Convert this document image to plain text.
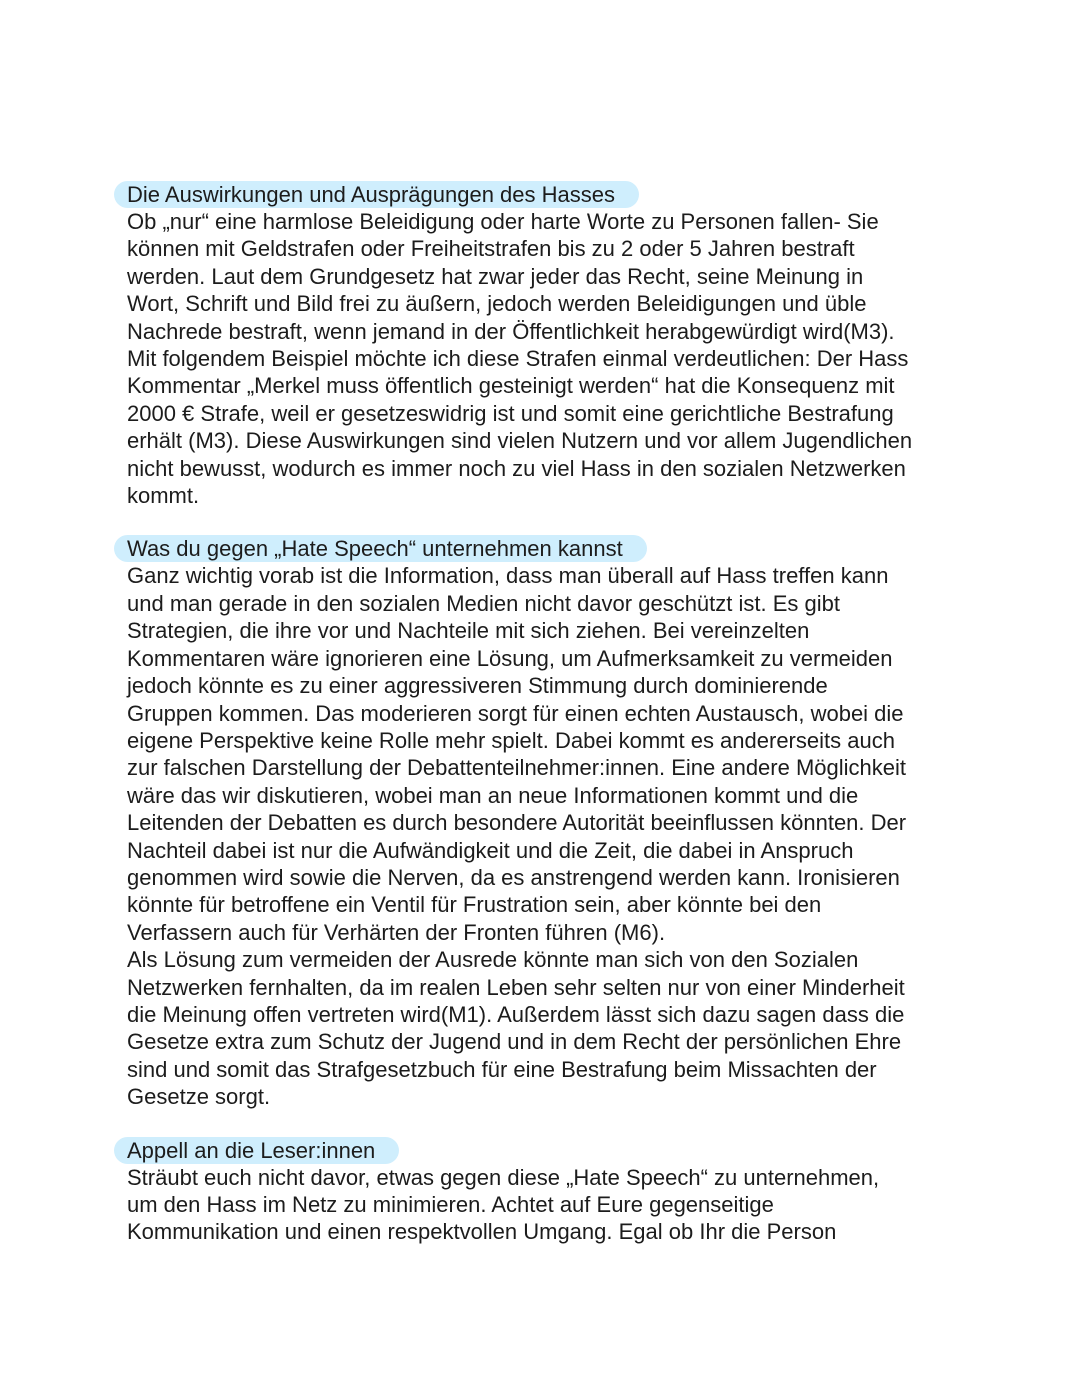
Die Auswirkungen und Ausprägungen des Hasses

Ob „nur“ eine harmlose Beleidigung oder harte Worte zu Personen fallen- Sie
können mit Geldstrafen oder Freiheitstrafen bis zu 2 oder 5 Jahren bestraft
werden. Laut dem Grundgesetz hat zwar jeder das Recht, seine Meinung in
Wort, Schrift und Bild frei zu äußern, jedoch werden Beleidigungen und üble
Nachrede bestraft, wenn jemand in der Öffentlichkeit herabgewürdigt wird(M3).
Mit folgendem Beispiel möchte ich diese Strafen einmal verdeutlichen: Der Hass
Kommentar „Merkel muss öffentlich gesteinigt werden“ hat die Konsequenz mit
2000 € Strafe, weil er gesetzeswidrig ist und somit eine gerichtliche Bestrafung
erhält (M3). Diese Auswirkungen sind vielen Nutzern und vor allem Jugendlichen
nicht bewusst, wodurch es immer noch zu viel Hass in den sozialen Netzwerken
kommt.

Was du gegen „Hate Speech“ unternehmen kannst

Ganz wichtig vorab ist die Information, dass man überall auf Hass treffen kann
und man gerade in den sozialen Medien nicht davor geschützt ist. Es gibt
Strategien, die ihre vor und Nachteile mit sich ziehen. Bei vereinzelten
Kommentaren wäre ignorieren eine Lösung, um Aufmerksamkeit zu vermeiden
jedoch könnte es zu einer aggressiveren Stimmung durch dominierende
Gruppen kommen. Das moderieren sorgt für einen echten Austausch, wobei die
eigene Perspektive keine Rolle mehr spielt. Dabei kommt es andererseits auch
zur falschen Darstellung der Debattenteilnehmer:innen. Eine andere Möglichkeit
wäre das wir diskutieren, wobei man an neue Informationen kommt und die
Leitenden der Debatten es durch besondere Autorität beeinflussen könnten. Der
Nachteil dabei ist nur die Aufwändigkeit und die Zeit, die dabei in Anspruch
genommen wird sowie die Nerven, da es anstrengend werden kann. Ironisieren
könnte für betroffene ein Ventil für Frustration sein, aber könnte bei den
Verfassern auch für Verhärten der Fronten führen (M6).

Als Lösung zum vermeiden der Ausrede könnte man sich von den Sozialen
Netzwerken fernhalten, da im realen Leben sehr selten nur von einer Minderheit
die Meinung offen vertreten wird(M1). Außerdem lässt sich dazu sagen dass die
Gesetze extra zum Schutz der Jugend und in dem Recht der persönlichen Ehre
sind und somit das Strafgesetzbuch für eine Bestrafung beim Missachten der
Gesetze sorgt.

Appell an die Leser:innen

Sträubt euch nicht davor, etwas gegen diese „Hate Speech“ zu unternehmen,
um den Hass im Netz zu minimieren. Achtet auf Eure gegenseitige
Kommunikation und einen respektvollen Umgang. Egal ob Ihr die Person
